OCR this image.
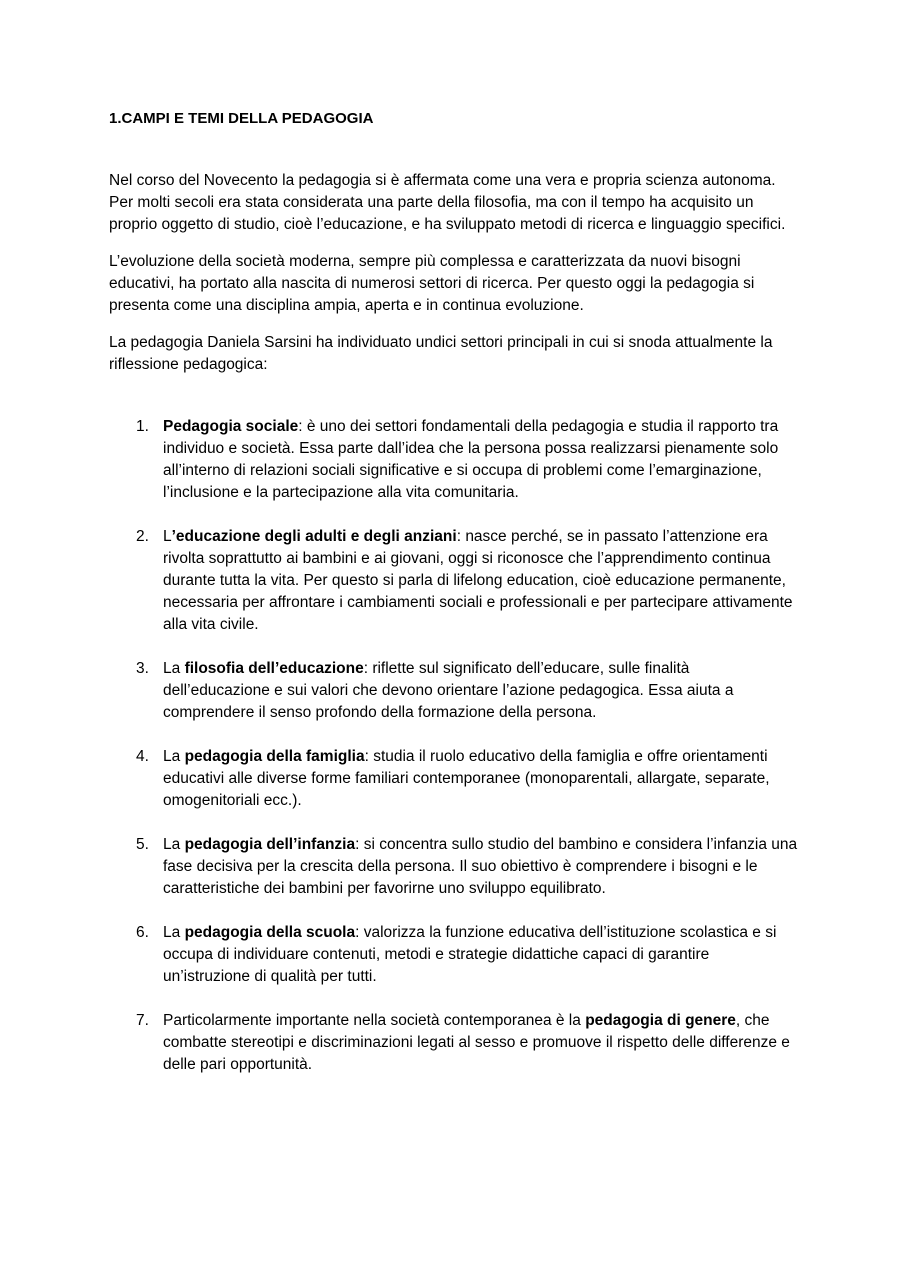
1.CAMPI E TEMI DELLA PEDAGOGIA

Nel corso del Novecento la pedagogia si è affermata come una vera e propria scienza autonoma. Per molti secoli era stata considerata una parte della filosofia, ma con il tempo ha acquisito un proprio oggetto di studio, cioè l’educazione, e ha sviluppato metodi di ricerca e linguaggio specifici.

L’evoluzione della società moderna, sempre più complessa e caratterizzata da nuovi bisogni educativi, ha portato alla nascita di numerosi settori di ricerca. Per questo oggi la pedagogia si presenta come una disciplina ampia, aperta e in continua evoluzione.

La pedagogia Daniela Sarsini ha individuato undici settori principali in cui si snoda attualmente la riflessione pedagogica:

1. Pedagogia sociale: è uno dei settori fondamentali della pedagogia e studia il rapporto tra individuo e società. Essa parte dall’idea che la persona possa realizzarsi pienamente solo all’interno di relazioni sociali significative e si occupa di problemi come l’emarginazione, l’inclusione e la partecipazione alla vita comunitaria.
2. L’educazione degli adulti e degli anziani: nasce perché, se in passato l’attenzione era rivolta soprattutto ai bambini e ai giovani, oggi si riconosce che l’apprendimento continua durante tutta la vita. Per questo si parla di lifelong education, cioè educazione permanente, necessaria per affrontare i cambiamenti sociali e professionali e per partecipare attivamente alla vita civile.
3. La filosofia dell’educazione: riflette sul significato dell’educare, sulle finalità dell’educazione e sui valori che devono orientare l’azione pedagogica. Essa aiuta a comprendere il senso profondo della formazione della persona.
4. La pedagogia della famiglia: studia il ruolo educativo della famiglia e offre orientamenti educativi alle diverse forme familiari contemporanee (monoparentali, allargate, separate, omogenitoriali ecc.).
5. La pedagogia dell’infanzia: si concentra sullo studio del bambino e considera l’infanzia una fase decisiva per la crescita della persona. Il suo obiettivo è comprendere i bisogni e le caratteristiche dei bambini per favorirne uno sviluppo equilibrato.
6. La pedagogia della scuola: valorizza la funzione educativa dell’istituzione scolastica e si occupa di individuare contenuti, metodi e strategie didattiche capaci di garantire un’istruzione di qualità per tutti.
7. Particolarmente importante nella società contemporanea è la pedagogia di genere, che combatte stereotipi e discriminazioni legati al sesso e promuove il rispetto delle differenze e delle pari opportunità.
